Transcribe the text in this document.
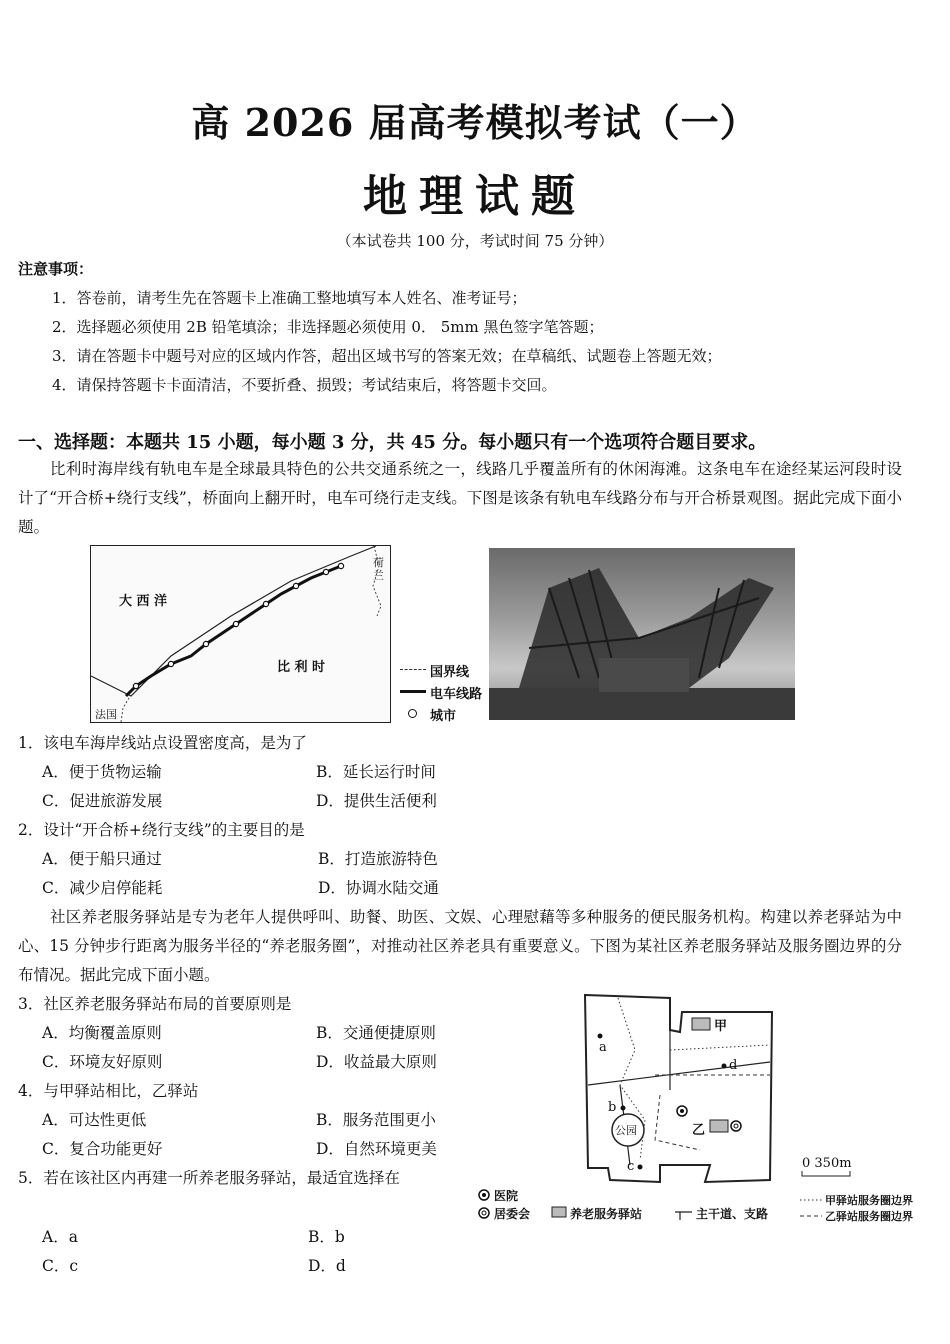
高 2026 届高考模拟考试（一）
地理试题
（本试卷共 100 分，考试时间 75 分钟）
注意事项：
1．答卷前，请考生先在答题卡上准确工整地填写本人姓名、准考证号；
2．选择题必须使用 2B 铅笔填涂；非选择题必须使用 0． 5mm 黑色签字笔答题；
3．请在答题卡中题号对应的区域内作答，超出区域书写的答案无效；在草稿纸、试题卷上答题无效；
4．请保持答题卡卡面清洁，不要折叠、损毁；考试结束后，将答题卡交回。
一、选择题：本题共 15 小题，每小题 3 分，共 45 分。每小题只有一个选项符合题目要求。
比利时海岸线有轨电车是全球最具特色的公共交通系统之一，线路几乎覆盖所有的休闲海滩。这条电车在途经某运河段时设计了“开合桥+绕行支线”，桥面向上翻开时，电车可绕行走支线。下图是该条有轨电车线路分布与开合桥景观图。据此完成下面小题。
大 西 洋
比 利 时
荷兰
法国
国界线
电车线路
城市
1．该电车海岸线站点设置密度高，是为了
A．便于货物运输	B．延长运行时间
C．促进旅游发展	D．提供生活便利
2．设计“开合桥+绕行支线”的主要目的是
A．便于船只通过	B．打造旅游特色
C．减少启停能耗	D．协调水陆交通
社区养老服务驿站是专为老年人提供呼叫、助餐、助医、文娱、心理慰藉等多种服务的便民服务机构。构建以养老驿站为中心、15 分钟步行距离为服务半径的“养老服务圈”，对推动社区养老具有重要意义。下图为某社区养老服务驿站及服务圈边界的分布情况。据此完成下面小题。
3．社区养老服务驿站布局的首要原则是
A．均衡覆盖原则	B．交通便捷原则
C．环境友好原则	D．收益最大原则
4．与甲驿站相比，乙驿站
A．可达性更低	B．服务范围更小
C．复合功能更好	D．自然环境更美
5．若在该社区内再建一所养老服务驿站，最适宜选择在
A．a	B．b
C．c	D．d
甲
乙
公园
a
b
c
d
0 350m
医院
居委会	养老服务驿站	主干道、支路
甲驿站服务圈边界
乙驿站服务圈边界
